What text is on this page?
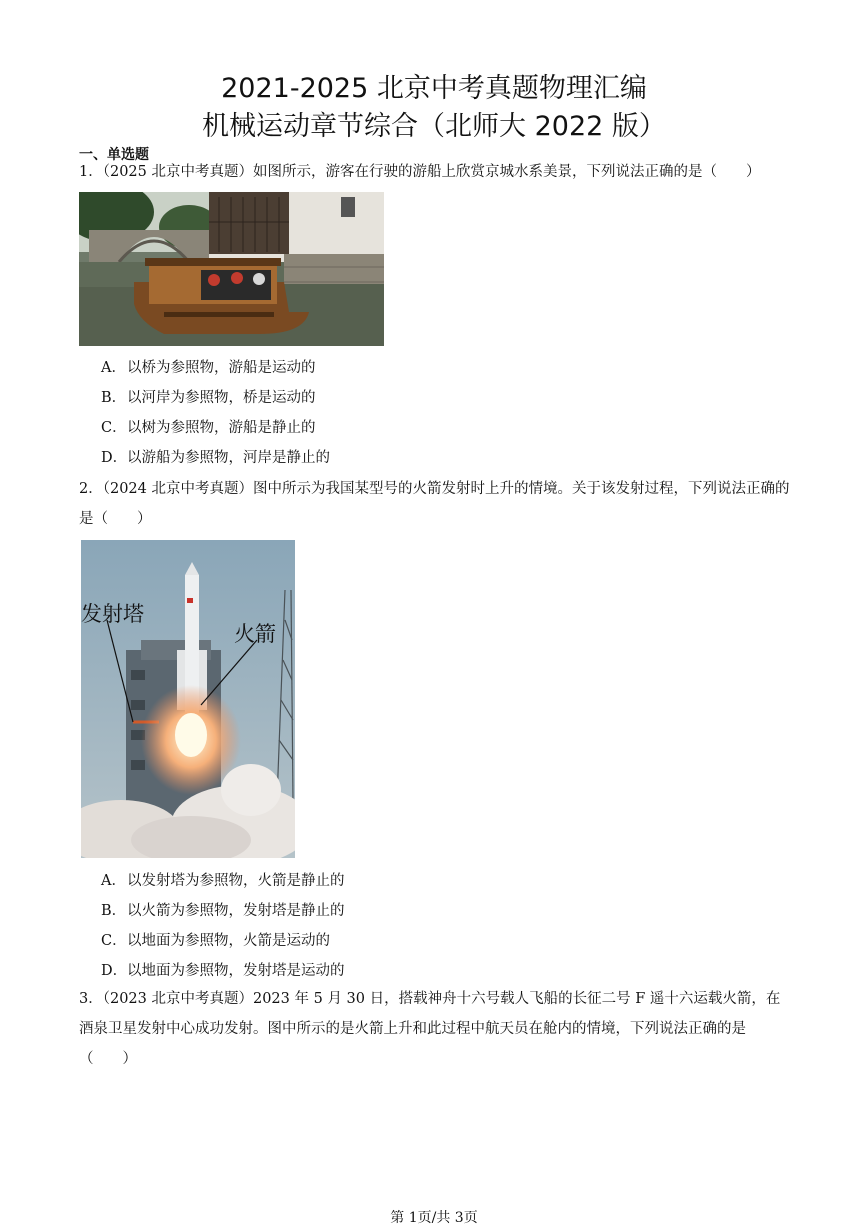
2021-2025 北京中考真题物理汇编
机械运动章节综合（北师大 2022 版）
一、单选题
1．（2025 北京中考真题）如图所示，游客在行驶的游船上欣赏京城水系美景，下列说法正确的是（　　）
A．以桥为参照物，游船是运动的
B．以河岸为参照物，桥是运动的
C．以树为参照物，游船是静止的
D．以游船为参照物，河岸是静止的
2．（2024 北京中考真题）图中所示为我国某型号的火箭发射时上升的情境。关于该发射过程，下列说法正确的是（　　）
发射塔
火箭
A．以发射塔为参照物，火箭是静止的
B．以火箭为参照物，发射塔是静止的
C．以地面为参照物，火箭是运动的
D．以地面为参照物，发射塔是运动的
3．（2023 北京中考真题）2023 年 5 月 30 日，搭载神舟十六号载人飞船的长征二号 F 遥十六运载火箭，在酒泉卫星发射中心成功发射。图中所示的是火箭上升和此过程中航天员在舱内的情境，下列说法正确的是（　　）
第 1页/共 3页
